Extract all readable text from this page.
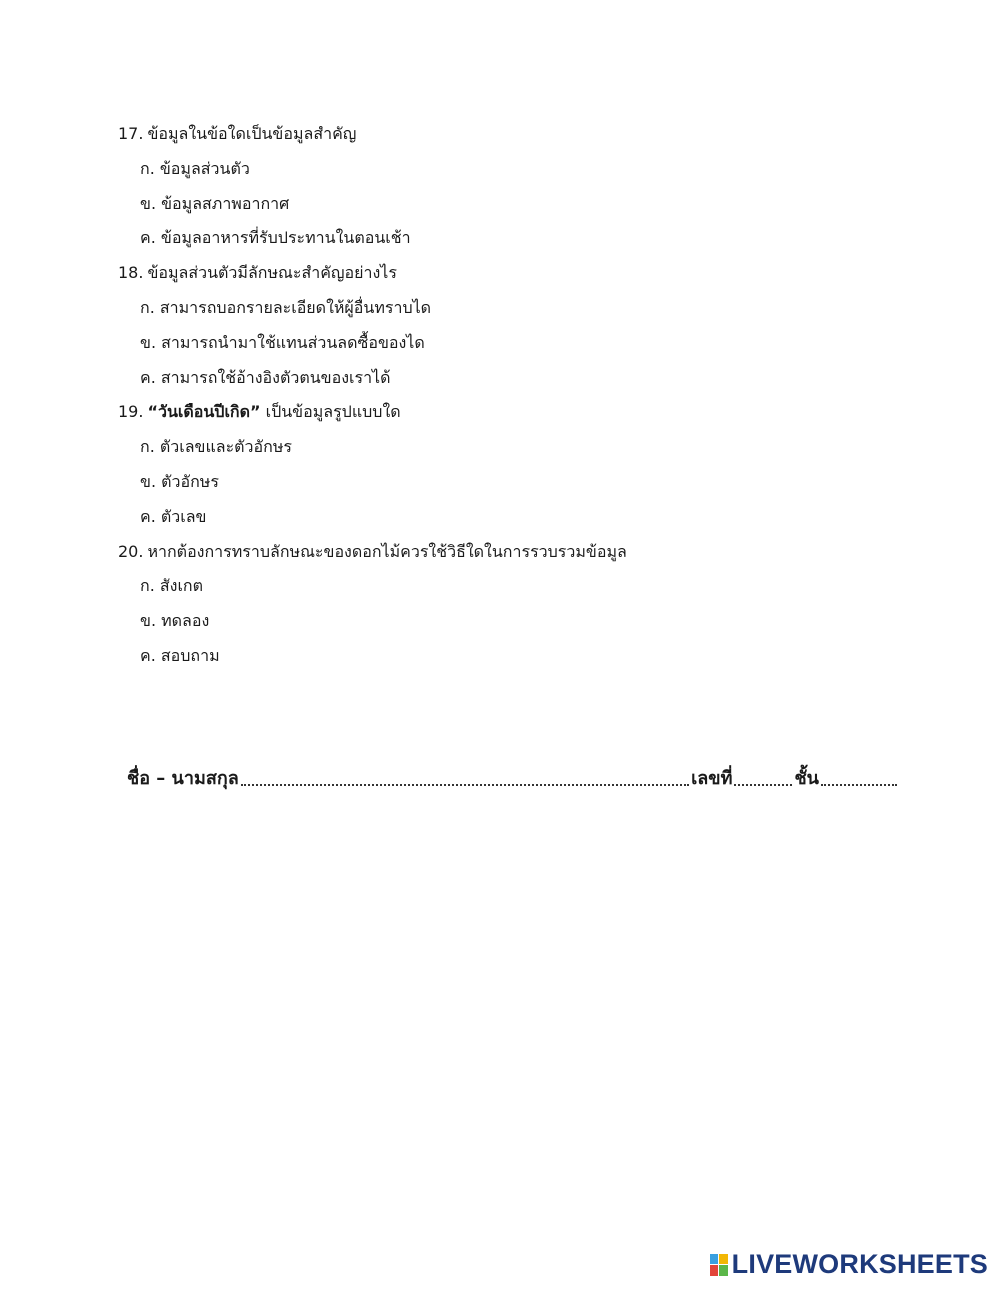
17. ข้อมูลในข้อใดเป็นข้อมูลสำคัญ
ก. ข้อมูลส่วนตัว
ข. ข้อมูลสภาพอากาศ
ค. ข้อมูลอาหารที่รับประทานในตอนเช้า
18. ข้อมูลส่วนตัวมีลักษณะสำคัญอย่างไร
ก. สามารถบอกรายละเอียดให้ผู้อื่นทราบได
ข. สามารถนำมาใช้แทนส่วนลดซื้อของได
ค. สามารถใช้อ้างอิงตัวตนของเราได้
19. “วันเดือนปีเกิด” เป็นข้อมูลรูปแบบใด
ก. ตัวเลขและตัวอักษร
ข. ตัวอักษร
ค. ตัวเลข
20. หากต้องการทราบลักษณะของดอกไม้ควรใช้วิธีใดในการรวบรวมข้อมูล
ก. สังเกต
ข. ทดลอง
ค. สอบถาม
ชื่อ – นามสกุล	เลขที่	ชั้น
LIVEWORKSHEETS
